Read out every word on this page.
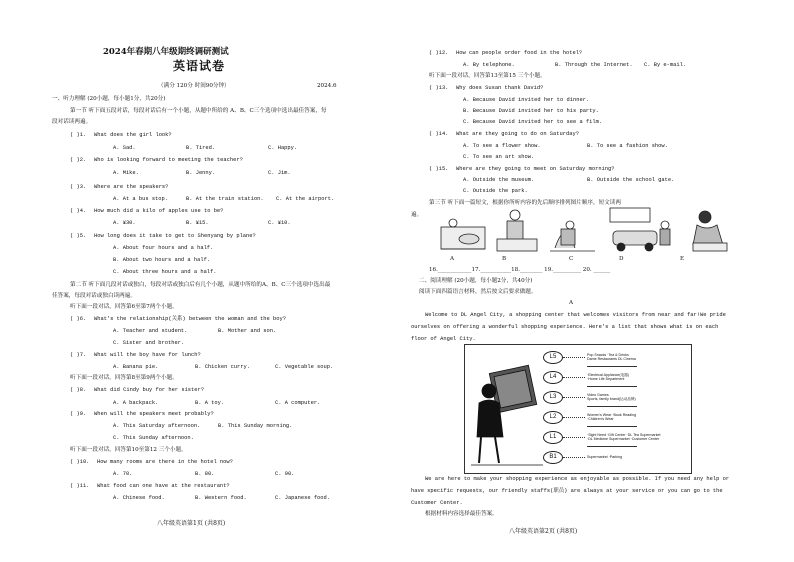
2024年春期八年级期终调研测试
英语试卷
（满分 120分 时间90分钟）	2024.6
一、听力理解 (20小题，每小题1分，共20分)
第一节 听下面五段对话，每段对话后有一个小题，从题中所给的 A、B、C三个选项中选出最佳答案，每
段对话读两遍。
( )1. What does the girl look?
A. Sad.	B. Tired.	C. Happy.
( )2. Who is looking forward to meeting the teacher?
A. Mike.	B. Jenny.	C. Jim.
( )3. Where are the speakers?
A. At a bus stop.	B. At the train station. C. At the airport.
( )4. How much did a kilo of apples use to be?
A. ¥30.	B. ¥15.	C. ¥10.
( )5. How long does it take to get to Shenyang by plane?
A. About four hours and a half.
B. About two hours and a half.
C. About three hours and a half.
第二节 听下面几段对话或独白，每段对话或独白后有几个小题，从题中所给的A、B、C三个选项中选出最
佳答案，每段对话或独白读两遍。
听下面一段对话，回答第6至第7两个小题。
( )6. What's the relationship(关系) between the woman and the boy?
A. Teacher and student.	B. Mother and son.
C. Sister and brother.
( )7. What will the boy have for lunch?
A. Banana pie.	B. Chicken curry.	C. Vegetable soup.
听下面一段对话，回答第8至第9两个小题。
( )8. What did Cindy buy for her sister?
A. A backpack.	B. A toy.	C. A computer.
( )9. When will the speakers meet probably?
A. This Saturday afternoon.	B. This Sunday morning.
C. This Sunday afternoon.
听下面一段对话，回答第10至第12 三个小题。
( )10. How many rooms are there in the hotel now?
A. 70.	B. 80.	C. 90.
( )11. What food can one have at the restaurant?
A. Chinese food.	B. Western food.	C. Japanese food.
八年级英语第1页 (共8页)
( )12. How can people order food in the hotel?
A. By telephone.	B. Through the Internet. C. By e-mail.
听下面一段对话，回答第13至第15 三个小题。
( )13. Why does Susan thank David?
A. Because David invited her to dinner.
B. Because David invited her to his party.
C. Because David invited her to see a film.
( )14. What are they going to do on Saturday?
A. To see a flower show.	B. To see a fashion show.
C. To see an art show.
( )15. Where are they going to meet on Saturday morning?
A. Outside the museum.	B. Outside the school gate.
C. Outside the park.
第三节 听下面一篇短文，根据你所听内容的先后顺序排列图片顺序，短文读两
遍。
A	B	C	D	E
16.____________17.___________18.________ 19.__________ 20. ______
二、阅读理解 (20小题，每小题2分，共40分)
阅读下面四篇语言材料，然后按文后要求做题。
A
Welcome to DL Angel City, a shopping center that welcomes visitors from near and far!We pride
ourselves on offering a wonderful shopping experience. Here's a list that shows what is on each
floor of Angel City.
L5
L4
L3
L2
L1
B1
Pop Snacks ·Tea & Drinks
Dame Restaurants DL Cinema
·Electrical Appliance(电器)
·Home Life Department
Video Games
Sports, family brand(运动品牌)
Women's Wear ·Book Reading
·Children's Wear
·Sight Need ·Gift Center ·DL Tea Supermarket
·DL Medicine Supermarket ·Customer Center
Supermarket ·Parking
We are here to make your shopping experience as enjoyable as possible. If you need any help or
have specific requests, our friendly staffs(职员) are always at your service or you can go to the
Customer Center.
根据材料内容选择最佳答案。
八年级英语第2页 (共8页)
